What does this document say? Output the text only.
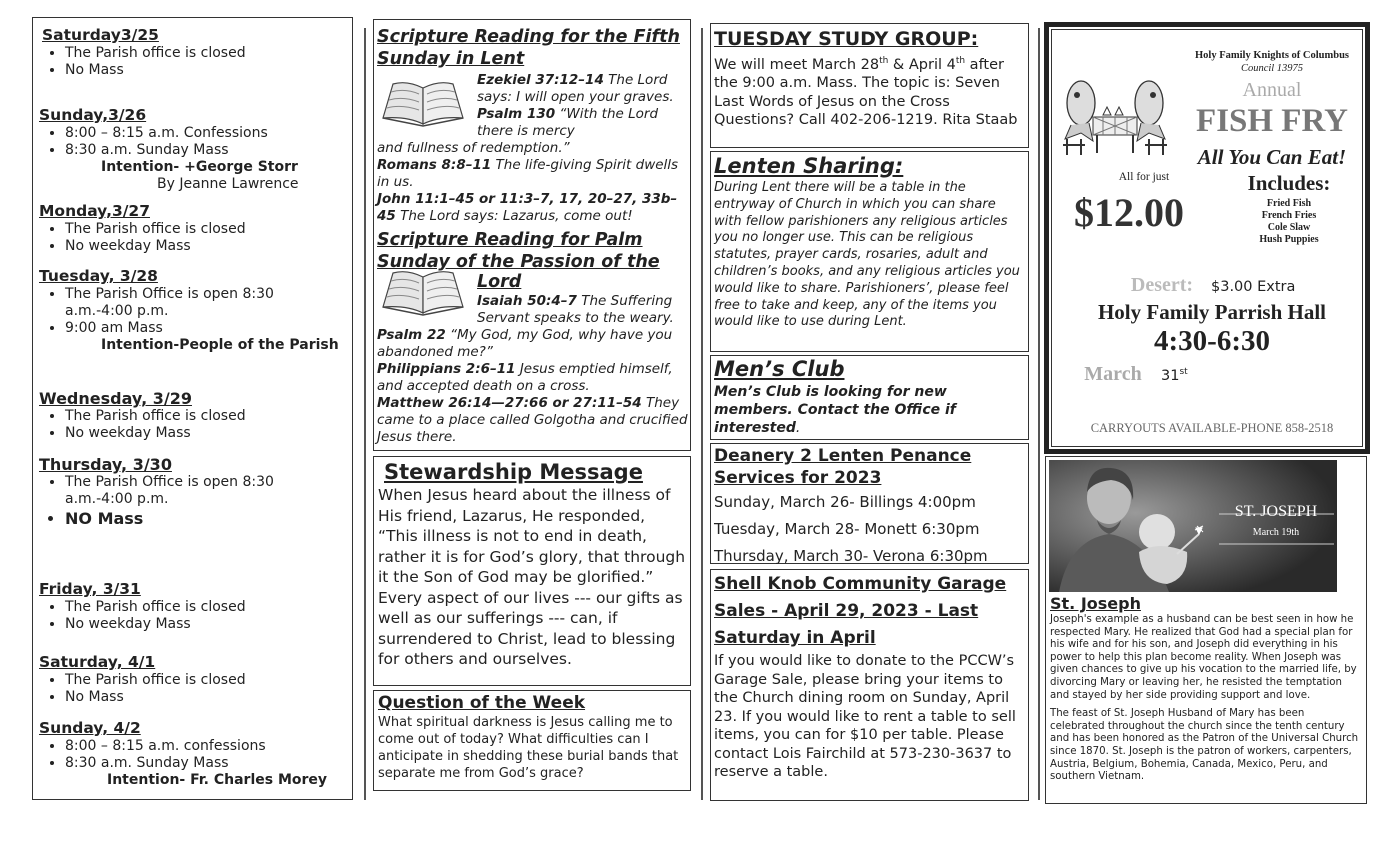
Saturday3/25

• The Parish office is closed
• No Mass

Sunday,3/26

• 8:00 – 8:15 a.m. Confessions
• 8:30 a.m. Sunday Mass
Intention- +George Storr
By Jeanne Lawrence

Monday,3/27

• The Parish office is closed
• No weekday Mass

Tuesday, 3/28

• The Parish Office is open 8:30 a.m.-4:00 p.m.
• 9:00 am Mass
Intention-People of the Parish

Wednesday, 3/29

• The Parish office is closed
• No weekday Mass

Thursday, 3/30

• The Parish Office is open 8:30 a.m.-4:00 p.m.
• NO Mass

Friday, 3/31

• The Parish office is closed
• No weekday Mass

Saturday, 4/1

• The Parish office is closed
• No Mass

Sunday, 4/2

• 8:00 – 8:15 a.m. confessions
• 8:30 a.m. Sunday Mass
Intention- Fr. Charles Morey

Scripture Reading for the Fifth Sunday in Lent

Ezekiel 37:12–14 The Lord says: I will open your graves.
Psalm 130 “With the Lord there is mercy
and fullness of redemption.”
Romans 8:8–11 The life-giving Spirit dwells in us.
John 11:1–45 or 11:3–7, 17, 20–27, 33b–45 The Lord says: Lazarus, come out!

Scripture Reading for Palm Sunday of the Passion of the

Lord
Isaiah 50:4–7 The Suffering Servant speaks to the weary.
Psalm 22 “My God, my God, why have you abandoned me?”
Philippians 2:6–11 Jesus emptied himself, and accepted death on a cross.
Matthew 26:14—27:66 or 27:11–54 They came to a place called Golgotha and crucified Jesus there.
Stewardship Message
When Jesus heard about the illness of His friend, Lazarus, He responded, “This illness is not to end in death, rather it is for God’s glory, that through it the Son of God may be glorified.” Every aspect of our lives --- our gifts as well as our sufferings --- can, if surrendered to Christ, lead to blessing for others and ourselves.
Question of the Week
What spiritual darkness is Jesus calling me to come out of today? What difficulties can I anticipate in shedding these burial bands that separate me from God’s grace?
TUESDAY STUDY GROUP:
We will meet March 28th & April 4th after the 9:00 a.m. Mass. The topic is: Seven Last Words of Jesus on the Cross Questions? Call 402-206-1219. Rita Staab
Lenten Sharing:
During Lent there will be a table in the entryway of Church in which you can share with fellow parishioners any religious articles you no longer use. This can be religious statutes, prayer cards, rosaries, adult and children’s books, and any religious articles you would like to share. Parishioners’, please feel free to take and keep, any of the items you would like to use during Lent.
Men’s Club
Men’s Club is looking for new members. Contact the Office if interested.
Deanery 2 Lenten Penance Services for 2023
Sunday, March 26- Billings 4:00pm
Tuesday, March 28- Monett 6:30pm
Thursday, March 30- Verona 6:30pm
Shell Knob Community Garage Sales - April 29, 2023 - Last Saturday in April
If you would like to donate to the PCCW’s Garage Sale, please bring your items to the Church dining room on Sunday, April 23. If you would like to rent a table to sell items, you can for $10 per table. Please contact Lois Fairchild at 573-230-3637 to reserve a table.
Holy Family Knights of Columbus
Council 13975
Annual
FISH FRY
All You Can Eat!
All for just
$12.00
Includes:
Fried Fish
French Fries
Cole Slaw
Hush Puppies
Desert:	$3.00 Extra
Holy Family Parrish Hall
4:30-6:30
March	31st
CARRYOUTS AVAILABLE-PHONE 858-2518
ST. JOSEPH
March 19th
St. Joseph
Joseph's example as a husband can be best seen in how he respected Mary. He realized that God had a special plan for his wife and for his son, and Joseph did everything in his power to help this plan become reality. When Joseph was given chances to give up his vocation to the married life, by divorcing Mary or leaving her, he resisted the temptation and stayed by her side providing support and love.
The feast of St. Joseph Husband of Mary has been celebrated throughout the church since the tenth century and has been honored as the Patron of the Universal Church since 1870. St. Joseph is the patron of workers, carpenters, Austria, Belgium, Bohemia, Canada, Mexico, Peru, and southern Vietnam.
